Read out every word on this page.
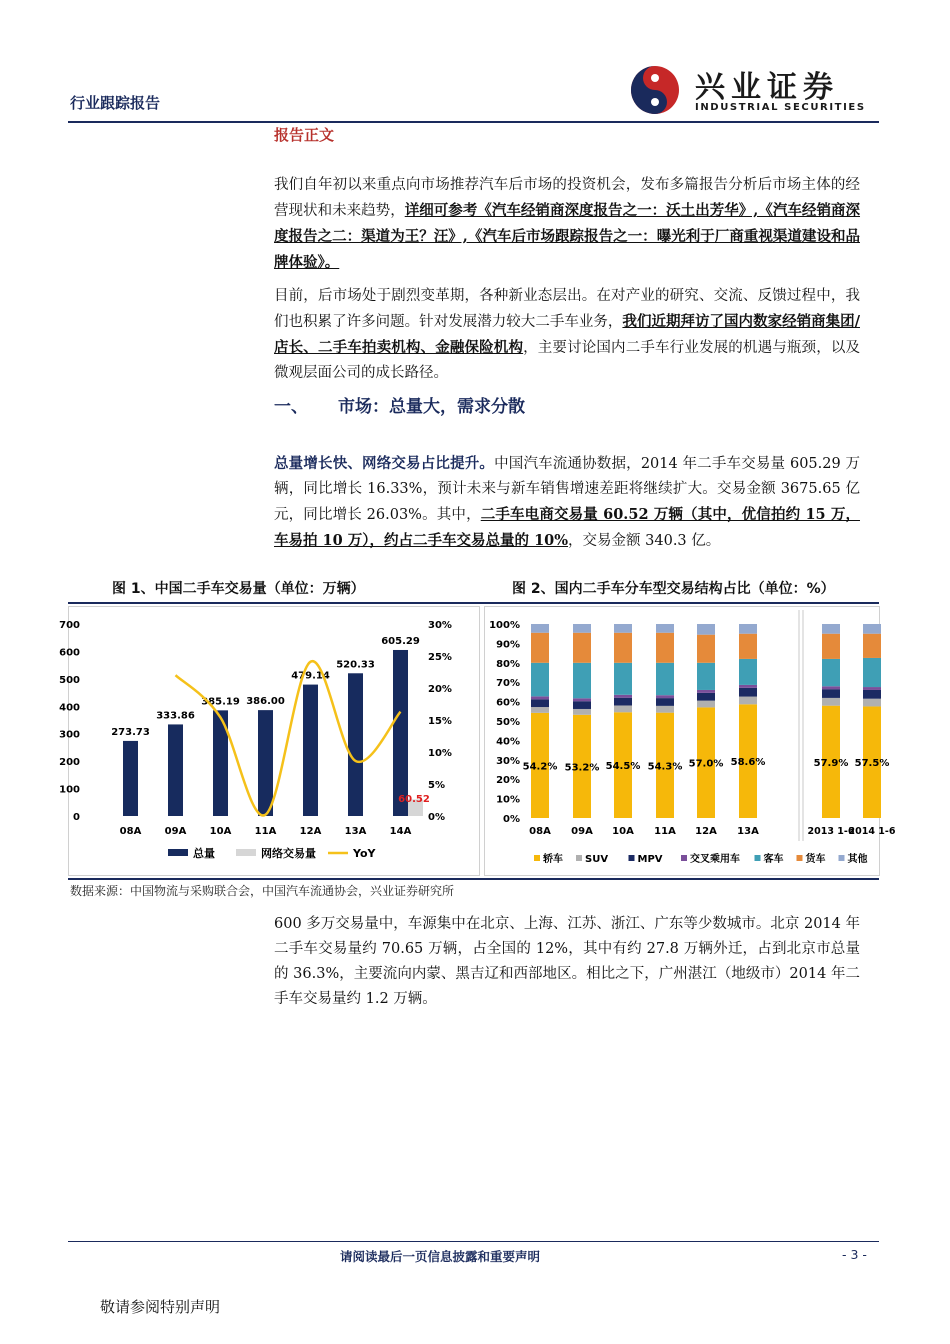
行业跟踪报告	兴业证券
INDUSTRIAL SECURITIES
报告正文
我们自年初以来重点向市场推荐汽车后市场的投资机会，发布多篇报告分析后市场主体的经营现状和未来趋势，详细可参考《汽车经销商深度报告之一：沃土出芳华》,《汽车经销商深度报告之二：渠道为王？汪》,《汽车后市场跟踪报告之一：曝光利于厂商重视渠道建设和品牌体验》。
目前，后市场处于剧烈变革期，各种新业态层出。在对产业的研究、交流、反馈过程中，我们也积累了许多问题。针对发展潜力较大二手车业务，我们近期拜访了国内数家经销商集团/店长、二手车拍卖机构、金融保险机构，主要讨论国内二手车行业发展的机遇与瓶颈，以及微观层面公司的成长路径。
一、 市场：总量大，需求分散
总量增长快、网络交易占比提升。中国汽车流通协数据，2014 年二手车交易量 605.29 万辆，同比增长 16.33%，预计未来与新车销售增速差距将继续扩大。交易金额 3675.65 亿元，同比增长 26.03%。其中，二手车电商交易量 60.52 万辆（其中，优信拍约 15 万，车易拍 10 万），约占二手车交易总量的 10%，交易金额 340.3 亿。
图 1、中国二手车交易量（单位：万辆）	图 2、国内二手车分车型交易结构占比（单位：%）
0
100
200
300
400
500
600
700
0%
5%
10%
15%
20%
25%
30%
273.73
08A
333.86
09A
385.19
10A
386.00
11A
479.14
12A
520.33
13A
605.29
14A
60.52
总量	网络交易量	YoY
0%
10%
20%
30%
40%
50%
60%
70%
80%
90%
100%
54.2%
08A
53.2%
09A
54.5%
10A
54.3%
11A
57.0%
12A
58.6%
13A
57.9%
2013 1-6
57.5%
2014 1-6
轿车 SUV	MPV	交叉乘用车 客车 货车 其他
数据来源：中国物流与采购联合会，中国汽车流通协会，兴业证券研究所
600 多万交易量中，车源集中在北京、上海、江苏、浙江、广东等少数城市。北京 2014 年二手车交易量约 70.65 万辆，占全国的 12%，其中有约 27.8 万辆外迁，占到北京市总量的 36.3%，主要流向内蒙、黑吉辽和西部地区。相比之下，广州湛江（地级市）2014 年二手车交易量约 1.2 万辆。
请阅读最后一页信息披露和重要声明	- 3 -
敬请参阅特别声明
